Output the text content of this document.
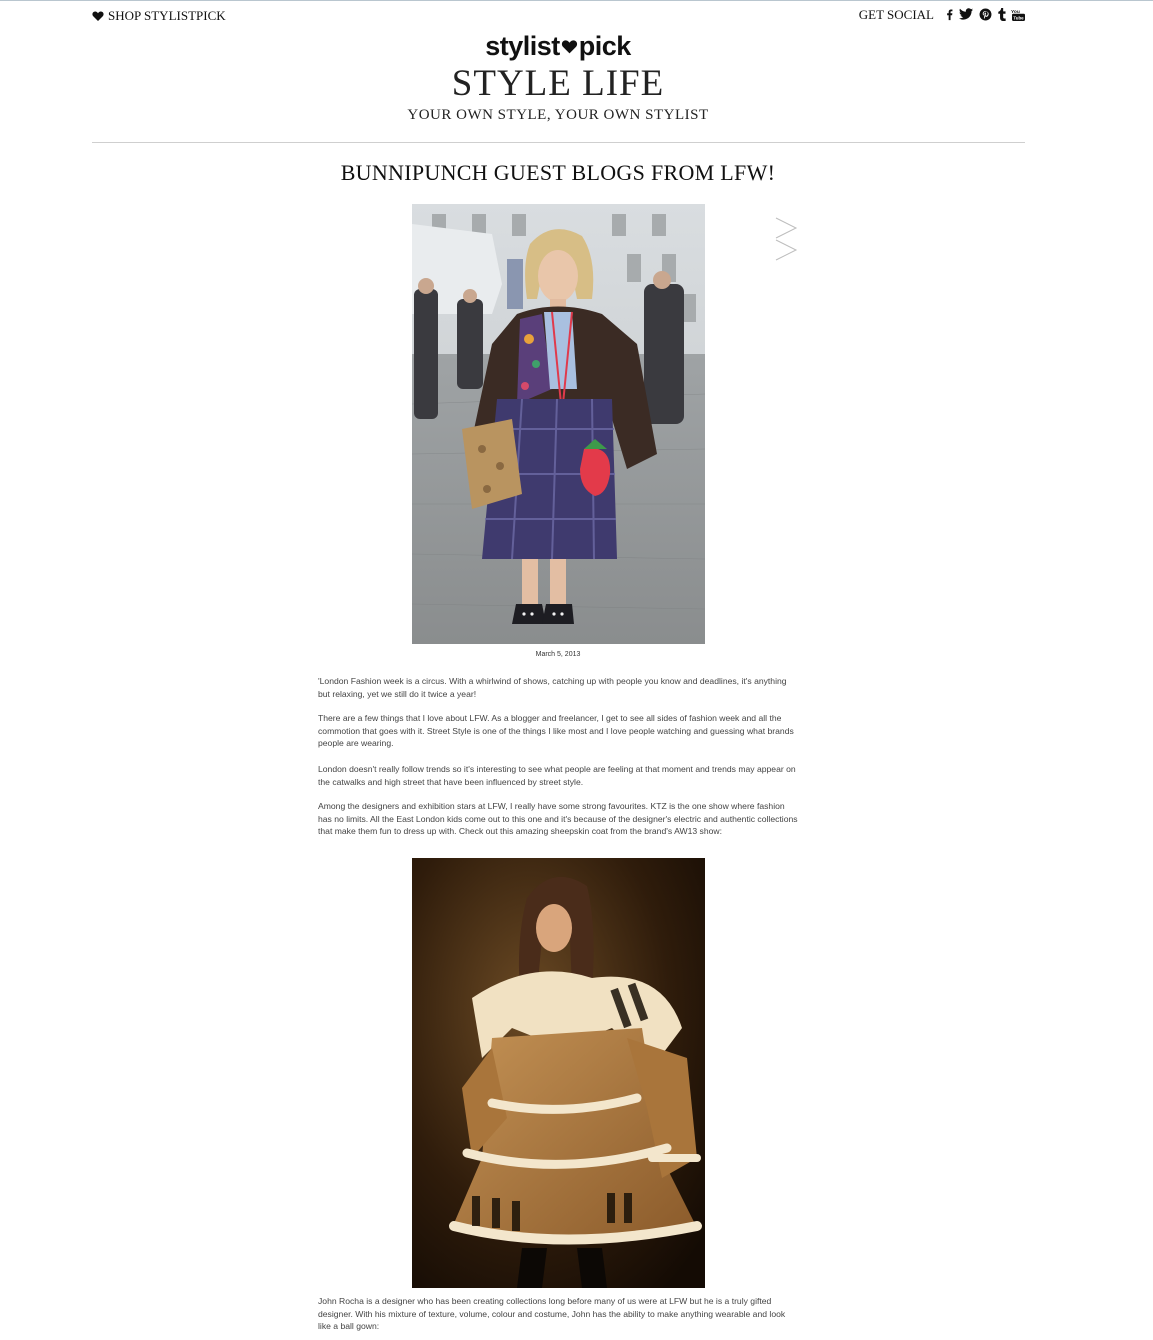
SHOP STYLISTPICK	GET SOCIAL	Tube
You
stylist pick
STYLE LIFE
YOUR OWN STYLE, YOUR OWN STYLIST
BUNNIPUNCH GUEST BLOGS FROM LFW!
March 5, 2013

'London Fashion week is a circus. With a whirlwind of shows, catching up with people you know and deadlines, it's anything but relaxing, yet we still do it twice a year!

There are a few things that I love about LFW. As a blogger and freelancer, I get to see all sides of fashion week and all the commotion that goes with it. Street Style is one of the things I like most and I love people watching and guessing what brands people are wearing.

London doesn't really follow trends so it's interesting to see what people are feeling at that moment and trends may appear on the catwalks and high street that have been influenced by street style.

Among the designers and exhibition stars at LFW, I really have some strong favourites. KTZ is the one show where fashion has no limits. All the East London kids come out to this one and it's because of the designer's electric and authentic collections that make them fun to dress up with. Check out this amazing sheepskin coat from the brand's AW13 show:

John Rocha is a designer who has been creating collections long before many of us were at LFW but he is a truly gifted designer. With his mixture of texture, volume, colour and costume, John has the ability to make anything wearable and look like a ball gown:
